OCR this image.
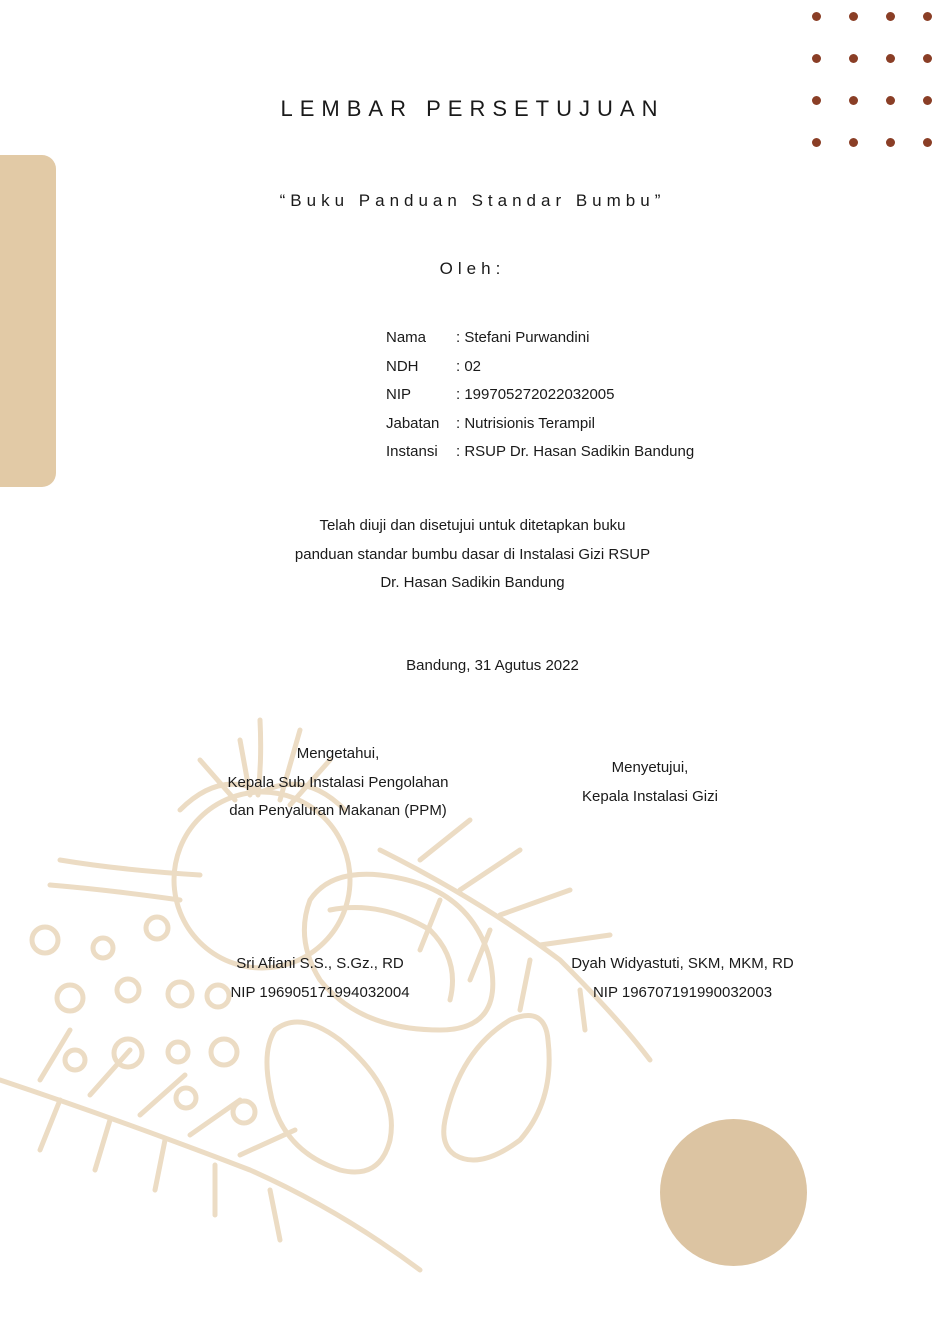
LEMBAR PERSETUJUAN
“Buku Panduan Standar Bumbu”
Oleh:
Nama	: Stefani Purwandini
NDH	: 02
NIP	: 199705272022032005
Jabatan	: Nutrisionis Terampil
Instansi	: RSUP Dr. Hasan Sadikin Bandung
Telah diuji dan disetujui untuk ditetapkan buku
panduan standar bumbu dasar di Instalasi Gizi RSUP
Dr. Hasan Sadikin Bandung
Bandung, 31 Agutus 2022
Mengetahui,
Kepala Sub Instalasi Pengolahan
dan Penyaluran Makanan (PPM)
Menyetujui,
Kepala Instalasi Gizi
Sri Afiani S.S., S.Gz., RD
NIP 196905171994032004
Dyah Widyastuti, SKM, MKM, RD
NIP 196707191990032003
